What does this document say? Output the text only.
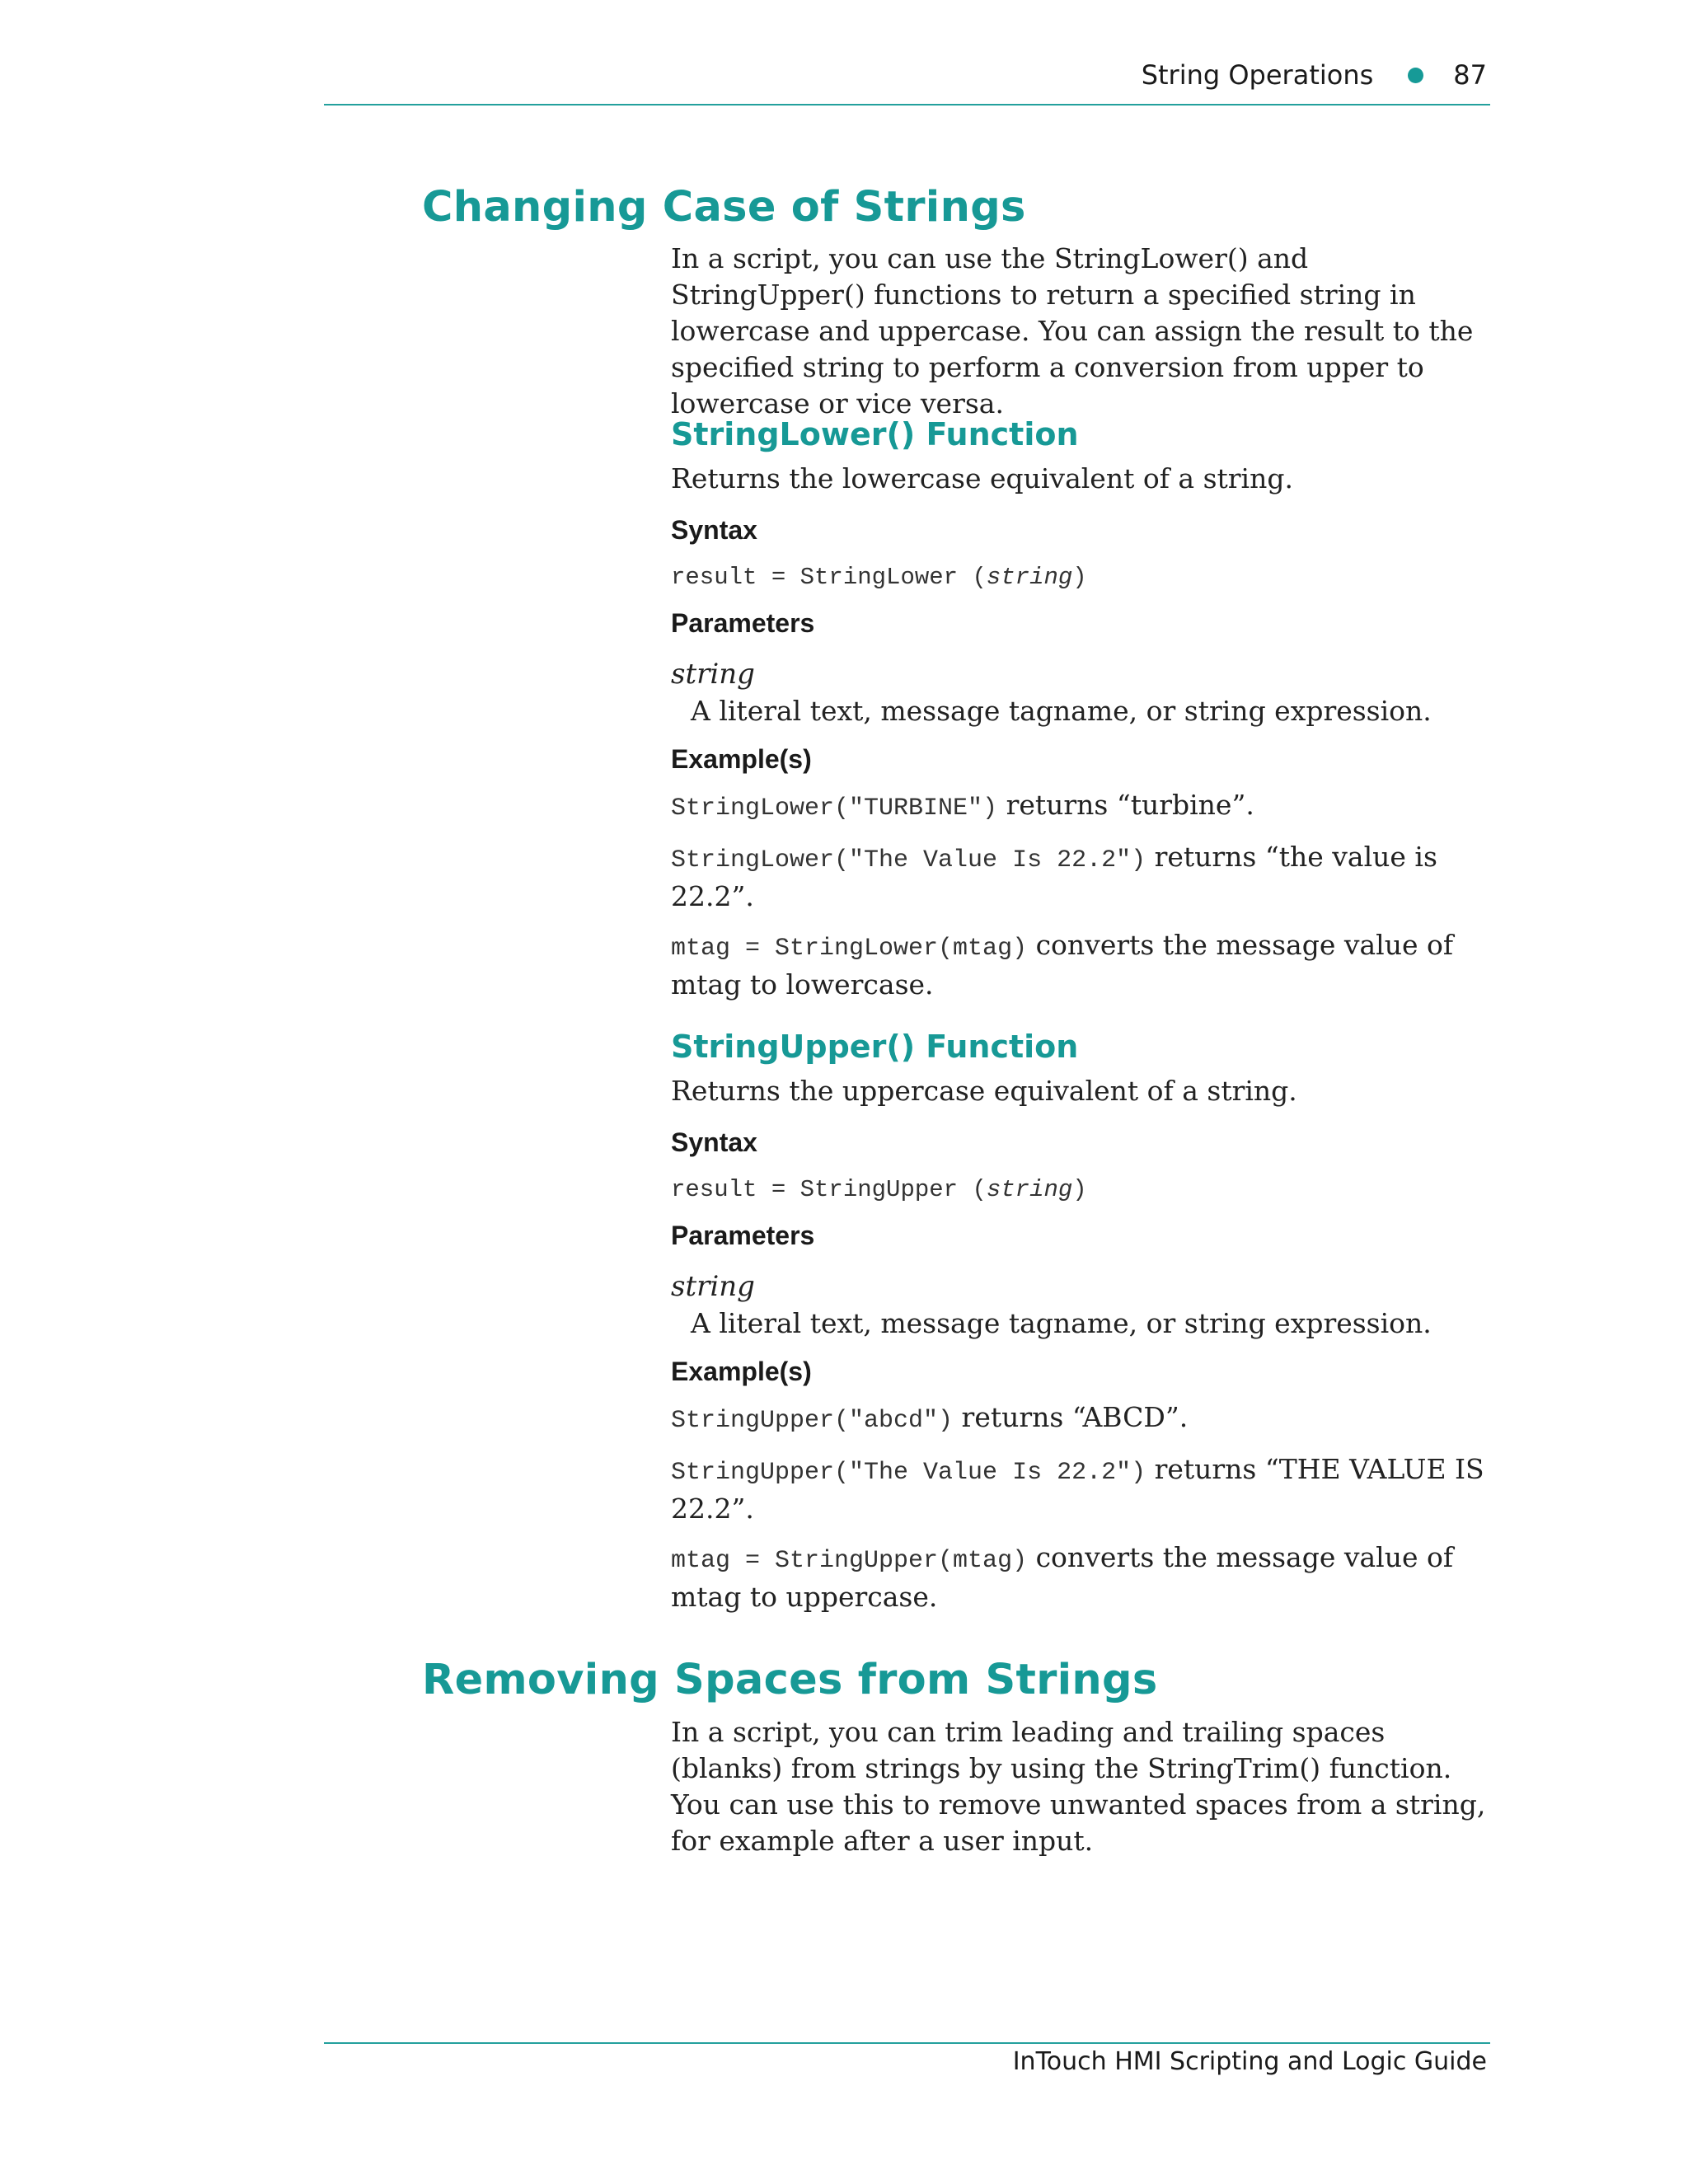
String Operations	87
Changing Case of Strings

In a script, you can use the StringLower() and StringUpper() functions to return a specified string in lowercase and uppercase. You can assign the result to the specified string to perform a conversion from upper to lowercase or vice versa.

StringLower() Function

Returns the lowercase equivalent of a string.

Syntax
result = StringLower (string)
Parameters
string
A literal text, message tagname, or string expression.
Example(s)
StringLower("TURBINE") returns “turbine”.
StringLower("The Value Is 22.2") returns “the value is 22.2”.
mtag = StringLower(mtag) converts the message value of mtag to lowercase.
StringUpper() Function

Returns the uppercase equivalent of a string.

Syntax
result = StringUpper (string)
Parameters
string
A literal text, message tagname, or string expression.
Example(s)
StringUpper("abcd") returns “ABCD”.
StringUpper("The Value Is 22.2") returns “THE VALUE IS 22.2”.
mtag = StringUpper(mtag) converts the message value of mtag to uppercase.
Removing Spaces from Strings

In a script, you can trim leading and trailing spaces (blanks) from strings by using the StringTrim() function. You can use this to remove unwanted spaces from a string, for example after a user input.

InTouch HMI Scripting and Logic Guide
